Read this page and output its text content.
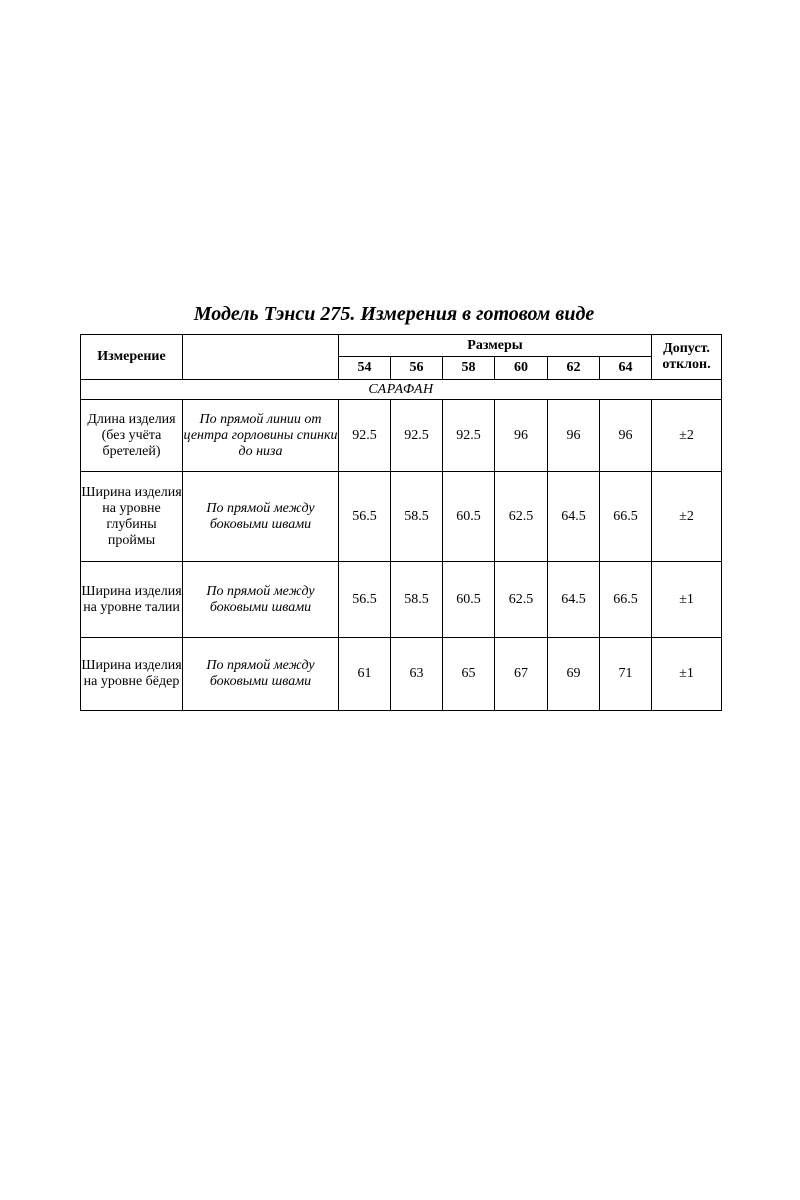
Модель Тэнси 275. Измерения в готовом виде
Измерение		Размеры						Допуст.
отклон.
		54	56	58	60	62	64	
САРАФАН								
Длина изделия (без учёта бретелей)	По прямой линии от центра горловины спинки до низа	92.5	92.5	92.5	96	96	96	±2
Ширина изделия на уровне глубины проймы	По прямой между боковыми швами	56.5	58.5	60.5	62.5	64.5	66.5	±2
Ширина изделия на уровне талии	По прямой между боковыми швами	56.5	58.5	60.5	62.5	64.5	66.5	±1
Ширина изделия на уровне бёдер	По прямой между боковыми швами	61	63	65	67	69	71	±1
